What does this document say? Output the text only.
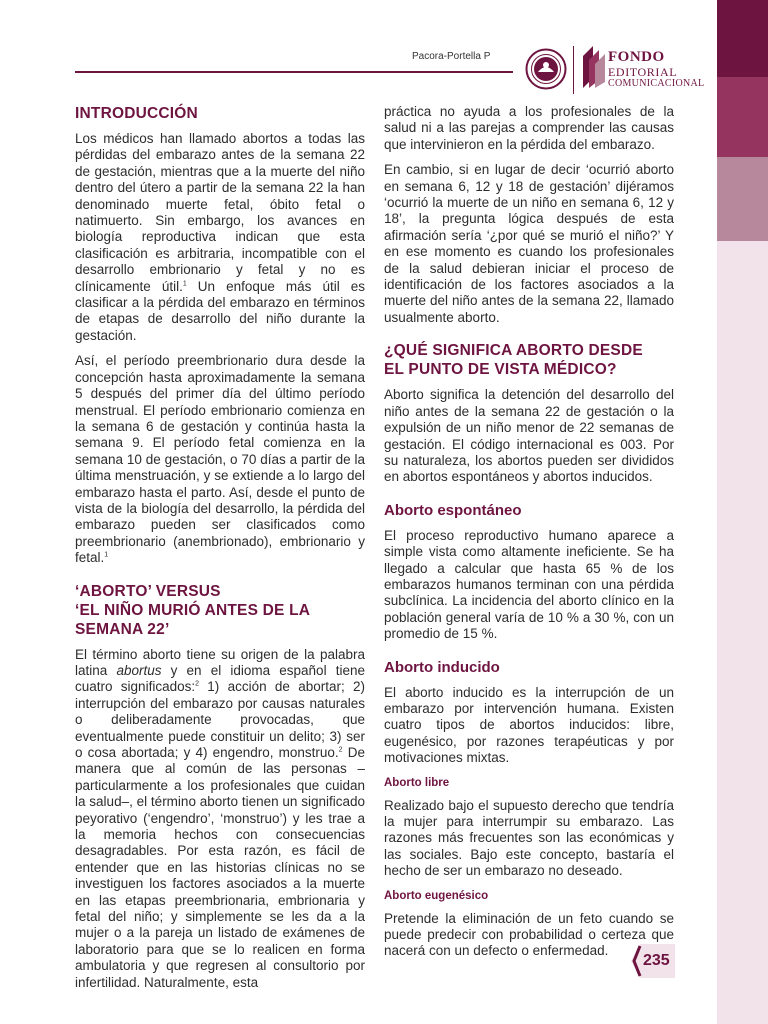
Pacora-Portella P	FONDO
EDITORIAL
COMUNICACIONAL
INTRODUCCIÓN

Los médicos han llamado abortos a todas las pérdidas del embarazo antes de la semana 22 de gestación, mientras que a la muerte del niño dentro del útero a partir de la semana 22 la han denominado muerte fetal, óbito fetal o natimuerto. Sin embargo, los avances en biología reproductiva indican que esta clasificación es arbitraria, incompatible con el desarrollo embrionario y fetal y no es clínicamente útil.$^1$ Un enfoque más útil es clasificar a la pérdida del embarazo en términos de etapas de desarrollo del niño durante la gestación.

Así, el período preembrionario dura desde la concepción hasta aproximadamente la semana 5 después del primer día del último período menstrual. El período embrionario comienza en la semana 6 de gestación y continúa hasta la semana 9. El período fetal comienza en la semana 10 de gestación, o 70 días a partir de la última menstruación, y se extiende a lo largo del embarazo hasta el parto. Así, desde el punto de vista de la biología del desarrollo, la pérdida del embarazo pueden ser clasificados como preembrionario (anembrionado), embrionario y fetal.$^1$

‘ABORTO’ VERSUS
‘EL NIÑO MURIÓ ANTES DE LA SEMANA 22’

El término aborto tiene su origen de la palabra latina abortus y en el idioma español tiene cuatro significados:$^2$ 1) acción de abortar; 2) interrupción del embarazo por causas naturales o deliberadamente provocadas, que eventualmente puede constituir un delito; 3) ser o cosa abortada; y 4) engendro, monstruo.$^2$ De manera que al común de las personas –particularmente a los profesionales que cuidan la salud–, el término aborto tienen un significado peyorativo (‘engendro’, ‘monstruo’) y les trae a la memoria hechos con consecuencias desagradables. Por esta razón, es fácil de entender que en las historias clínicas no se investiguen los factores asociados a la muerte en las etapas preembrionaria, embrionaria y fetal del niño; y simplemente se les da a la mujer o a la pareja un listado de exámenes de laboratorio para que se lo realicen en forma ambulatoria y que regresen al consultorio por infertilidad. Naturalmente, esta

práctica no ayuda a los profesionales de la salud ni a las parejas a comprender las causas que intervinieron en la pérdida del embarazo.

En cambio, si en lugar de decir ‘ocurrió aborto en semana 6, 12 y 18 de gestación’ dijéramos ‘ocurrió la muerte de un niño en semana 6, 12 y 18’, la pregunta lógica después de esta afirmación sería ‘¿por qué se murió el niño?’ Y en ese momento es cuando los profesionales de la salud debieran iniciar el proceso de identificación de los factores asociados a la muerte del niño antes de la semana 22, llamado usualmente aborto.

¿QUÉ SIGNIFICA ABORTO DESDE
EL PUNTO DE VISTA MÉDICO?

Aborto significa la detención del desarrollo del niño antes de la semana 22 de gestación o la expulsión de un niño menor de 22 semanas de gestación. El código internacional es 003. Por su naturaleza, los abortos pueden ser divididos en abortos espontáneos y abortos inducidos.

Aborto espontáneo

El proceso reproductivo humano aparece a simple vista como altamente ineficiente. Se ha llegado a calcular que hasta 65 % de los embarazos humanos terminan con una pérdida subclínica. La incidencia del aborto clínico en la población general varía de 10 % a 30 %, con un promedio de 15 %.

Aborto inducido

El aborto inducido es la interrupción de un embarazo por intervención humana. Existen cuatro tipos de abortos inducidos: libre, eugenésico, por razones terapéuticas y por motivaciones mixtas.

Aborto libre

Realizado bajo el supuesto derecho que tendría la mujer para interrumpir su embarazo. Las razones más frecuentes son las económicas y las sociales. Bajo este concepto, bastaría el hecho de ser un embarazo no deseado.

Aborto eugenésico

Pretende la eliminación de un feto cuando se puede predecir con probabilidad o certeza que nacerá con un defecto o enfermedad.

235
